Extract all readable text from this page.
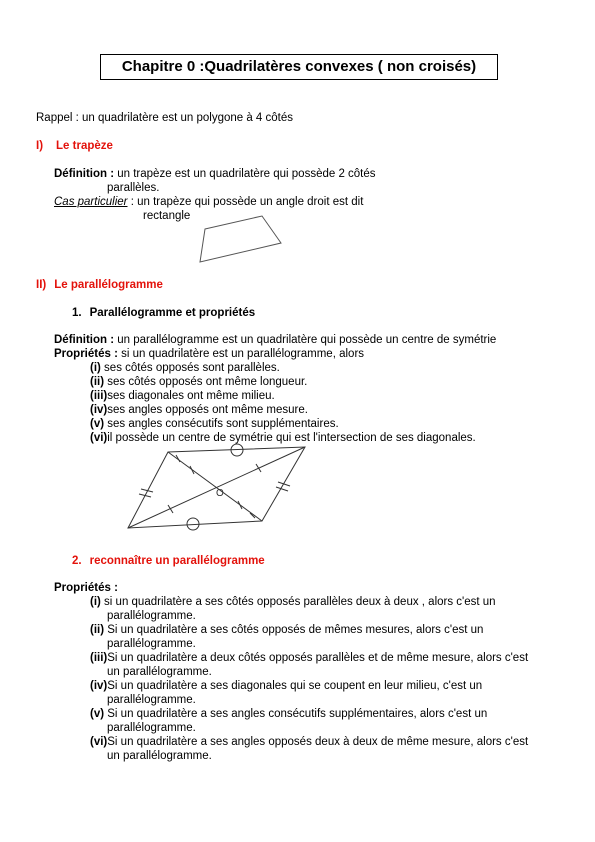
Chapitre 0 :Quadrilatères convexes ( non croisés)
Rappel : un quadrilatère est un polygone à 4 côtés
I) Le trapèze
Définition : un trapèze est un quadrilatère qui possède 2 côtés
parallèles.
Cas particulier : un trapèze qui possède un angle droit est dit
rectangle
II) Le parallélogramme
1. Parallélogramme et propriétés
Définition : un parallélogramme est un quadrilatère qui possède un centre de symétrie
Propriétés : si un quadrilatère est un parallélogramme, alors
(i) ses côtés opposés sont parallèles.
(ii) ses côtés opposés ont même longueur.
(iii)ses diagonales ont même milieu.
(iv)ses angles opposés ont même mesure.
(v) ses angles consécutifs sont supplémentaires.
(vi)il possède un centre de symétrie qui est l'intersection de ses diagonales.
O
2. reconnaître un parallélogramme
Propriétés :
(i) si un quadrilatère a ses côtés opposés parallèles deux à deux , alors c'est un
parallélogramme.
(ii) Si un quadrilatère a ses côtés opposés de mêmes mesures, alors c'est un
parallélogramme.
(iii)Si un quadrilatère a deux côtés opposés parallèles et de même mesure, alors c'est
un parallélogramme.
(iv)Si un quadrilatère a ses diagonales qui se coupent en leur milieu, c'est un
parallélogramme.
(v) Si un quadrilatère a ses angles consécutifs supplémentaires, alors c'est un
parallélogramme.
(vi)Si un quadrilatère a ses angles opposés deux à deux de même mesure, alors c'est
un parallélogramme.
